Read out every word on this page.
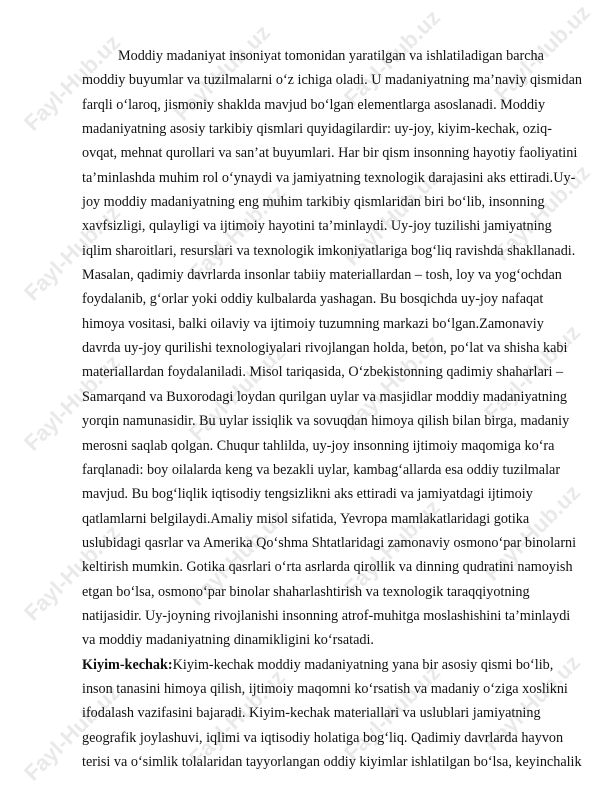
Fayl-Hub.uz Fayl-Hub.uz	Fayl-Hub.uz Fayl-Hub.uz
Fayl-Hub.uz	Fayl-Hub.uz Fayl-Hub.uz Fayl-Hub.uz
Fayl-Hub.uz	Fayl-Hub.uz Fayl-Hub.uz Fayl-Hub.uz
Fayl-Hub.uz	Fayl-Hub.uz Fayl-Hub.uz Fayl-Hub.uz
Fayl-Hub.uz	Fayl-Hub.uz Fayl-Hub.uz Fayl-Hub.uz
Moddiy madaniyat insoniyat tomonidan yaratilgan va ishlatiladigan barcha
moddiy buyumlar va tuzilmalarni o‘z ichiga oladi. U madaniyatning ma’naviy qismidan
farqli o‘laroq, jismoniy shaklda mavjud bo‘lgan elementlarga asoslanadi. Moddiy
madaniyatning asosiy tarkibiy qismlari quyidagilardir: uy-joy, kiyim-kechak, oziq-
ovqat, mehnat qurollari va san’at buyumlari. Har bir qism insonning hayotiy faoliyatini
ta’minlashda muhim rol o‘ynaydi va jamiyatning texnologik darajasini aks ettiradi.Uy-
joy moddiy madaniyatning eng muhim tarkibiy qismlaridan biri bo‘lib, insonning
xavfsizligi, qulayligi va ijtimoiy hayotini ta’minlaydi. Uy-joy tuzilishi jamiyatning
iqlim sharoitlari, resurslari va texnologik imkoniyatlariga bog‘liq ravishda shakllanadi.
Masalan, qadimiy davrlarda insonlar tabiiy materiallardan – tosh, loy va yog‘ochdan
foydalanib, g‘orlar yoki oddiy kulbalarda yashagan. Bu bosqichda uy-joy nafaqat
himoya vositasi, balki oilaviy va ijtimoiy tuzumning markazi bo‘lgan.Zamonaviy
davrda uy-joy qurilishi texnologiyalari rivojlangan holda, beton, po‘lat va shisha kabi
materiallardan foydalaniladi. Misol tariqasida, O‘zbekistonning qadimiy shaharlari –
Samarqand va Buxorodagi loydan qurilgan uylar va masjidlar moddiy madaniyatning
yorqin namunasidir. Bu uylar issiqlik va sovuqdan himoya qilish bilan birga, madaniy
merosni saqlab qolgan. Chuqur tahlilda, uy-joy insonning ijtimoiy maqomiga ko‘ra
farqlanadi: boy oilalarda keng va bezakli uylar, kambag‘allarda esa oddiy tuzilmalar
mavjud. Bu bog‘liqlik iqtisodiy tengsizlikni aks ettiradi va jamiyatdagi ijtimoiy
qatlamlarni belgilaydi.Amaliy misol sifatida, Yevropa mamlakatlaridagi gotika
uslubidagi qasrlar va Amerika Qo‘shma Shtatlaridagi zamonaviy osmono‘par binolarni
keltirish mumkin. Gotika qasrlari o‘rta asrlarda qirollik va dinning qudratini namoyish
etgan bo‘lsa, osmono‘par binolar shaharlashtirish va texnologik taraqqiyotning
natijasidir. Uy-joyning rivojlanishi insonning atrof-muhitga moslashishini ta’minlaydi
va moddiy madaniyatning dinamikligini ko‘rsatadi.
Kiyim-kechak:Kiyim-kechak moddiy madaniyatning yana bir asosiy qismi bo‘lib,
inson tanasini himoya qilish, ijtimoiy maqomni ko‘rsatish va madaniy o‘ziga xoslikni
ifodalash vazifasini bajaradi. Kiyim-kechak materiallari va uslublari jamiyatning
geografik joylashuvi, iqlimi va iqtisodiy holatiga bog‘liq. Qadimiy davrlarda hayvon
terisi va o‘simlik tolalaridan tayyorlangan oddiy kiyimlar ishlatilgan bo‘lsa, keyinchalik
